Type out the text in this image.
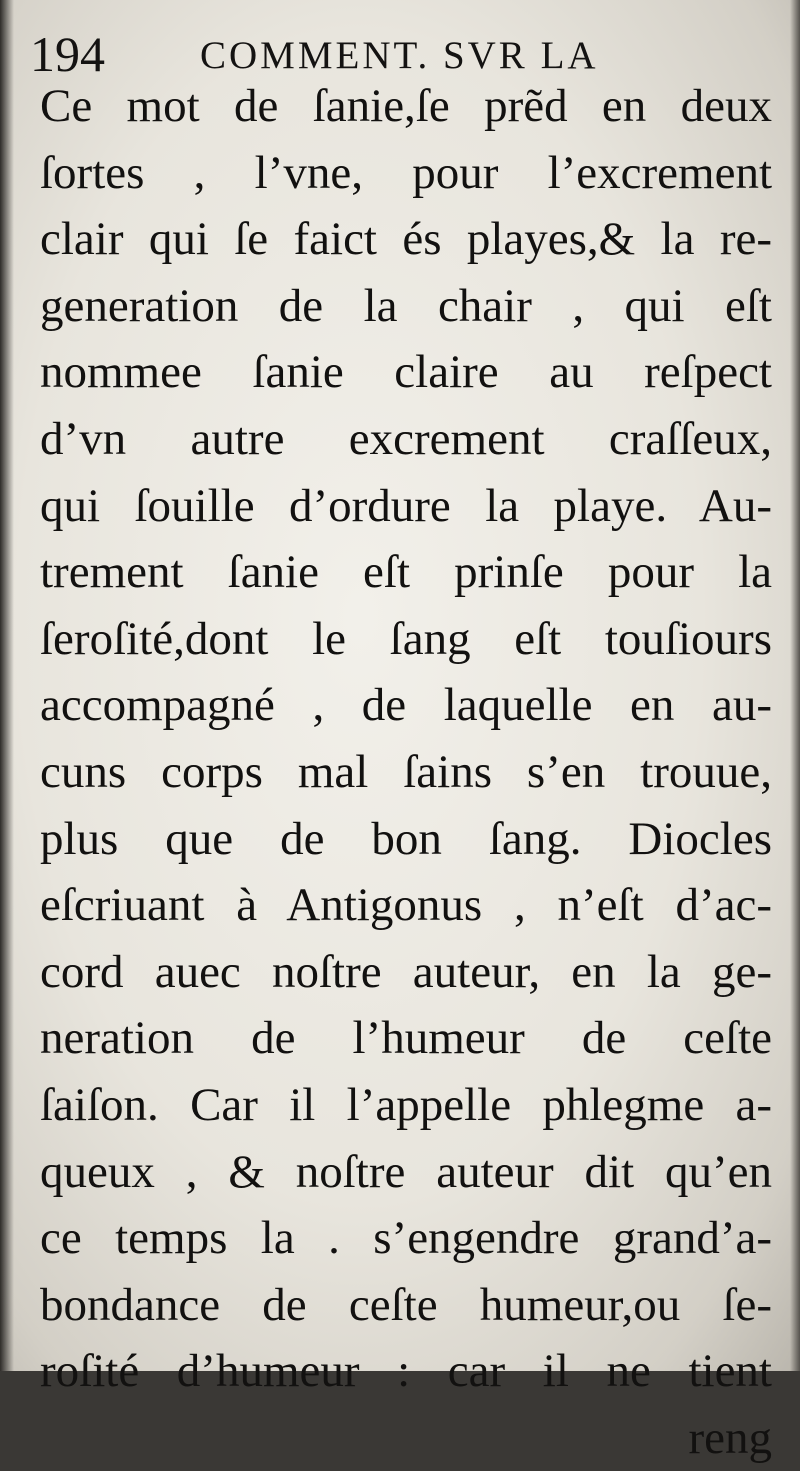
194 COMMENT. SVR LA
Ce mot de ſanie,ſe prẽd en deux
ſortes , l’vne, pour l’excrement
clair qui ſe faict és playes,& la re-
generation de la chair , qui eſt
nommee ſanie claire au reſpect
d’vn autre excrement craſſeux,
qui ſouille d’ordure la playe. Au-
trement ſanie eſt prinſe pour la
ſeroſité,dont le ſang eſt touſiours
accompagné , de laquelle en au-
cuns corps mal ſains s’en trouue,
plus que de bon ſang. Diocles
eſcriuant à Antigonus , n’eſt d’ac-
cord auec noſtre auteur, en la ge-
neration de l’humeur de ceſte
ſaiſon. Car il l’appelle phlegme a-
queux , & noſtre auteur dit qu’en
ce temps la . s’engendre grand’a-
bondance de ceſte humeur,ou ſe-
roſité d’humeur : car il ne tient
reng
